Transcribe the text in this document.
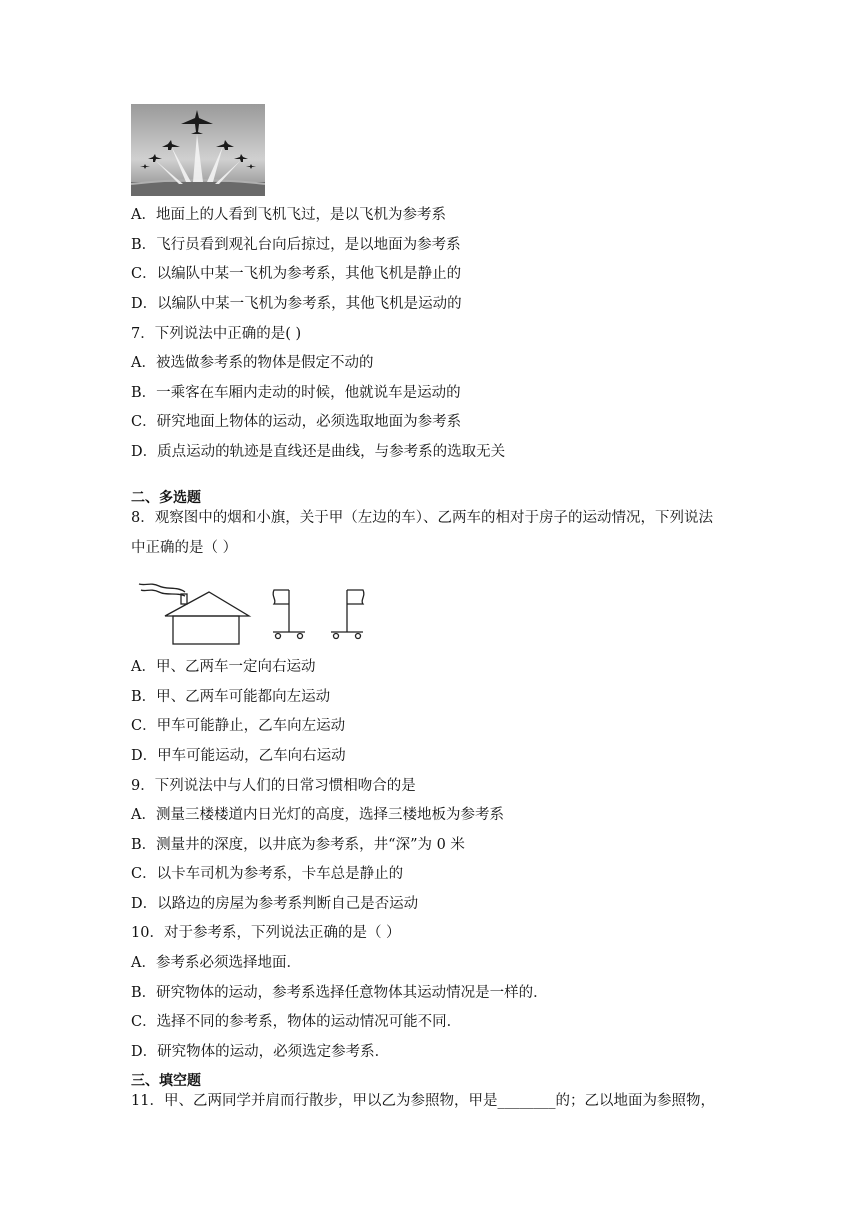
A．地面上的人看到飞机飞过，是以飞机为参考系
B．飞行员看到观礼台向后掠过，是以地面为参考系
C．以编队中某一飞机为参考系，其他飞机是静止的
D．以编队中某一飞机为参考系，其他飞机是运动的
7．下列说法中正确的是( )
A．被选做参考系的物体是假定不动的
B．一乘客在车厢内走动的时候，他就说车是运动的
C．研究地面上物体的运动，必须选取地面为参考系
D．质点运动的轨迹是直线还是曲线，与参考系的选取无关
二、多选题
8．观察图中的烟和小旗，关于甲（左边的车）、乙两车的相对于房子的运动情况，下列说法
中正确的是（ ）
A．甲、乙两车一定向右运动
B．甲、乙两车可能都向左运动
C．甲车可能静止，乙车向左运动
D．甲车可能运动，乙车向右运动
9．下列说法中与人们的日常习惯相吻合的是
A．测量三楼楼道内日光灯的高度，选择三楼地板为参考系
B．测量井的深度，以井底为参考系，井“深”为 0 米
C．以卡车司机为参考系，卡车总是静止的
D．以路边的房屋为参考系判断自己是否运动
10．对于参考系，下列说法正确的是（ ）
A．参考系必须选择地面．
B．研究物体的运动，参考系选择任意物体其运动情况是一样的．
C．选择不同的参考系，物体的运动情况可能不同．
D．研究物体的运动，必须选定参考系．
三、填空题
11．甲、乙两同学并肩而行散步，甲以乙为参照物，甲是________的；乙以地面为参照物，
